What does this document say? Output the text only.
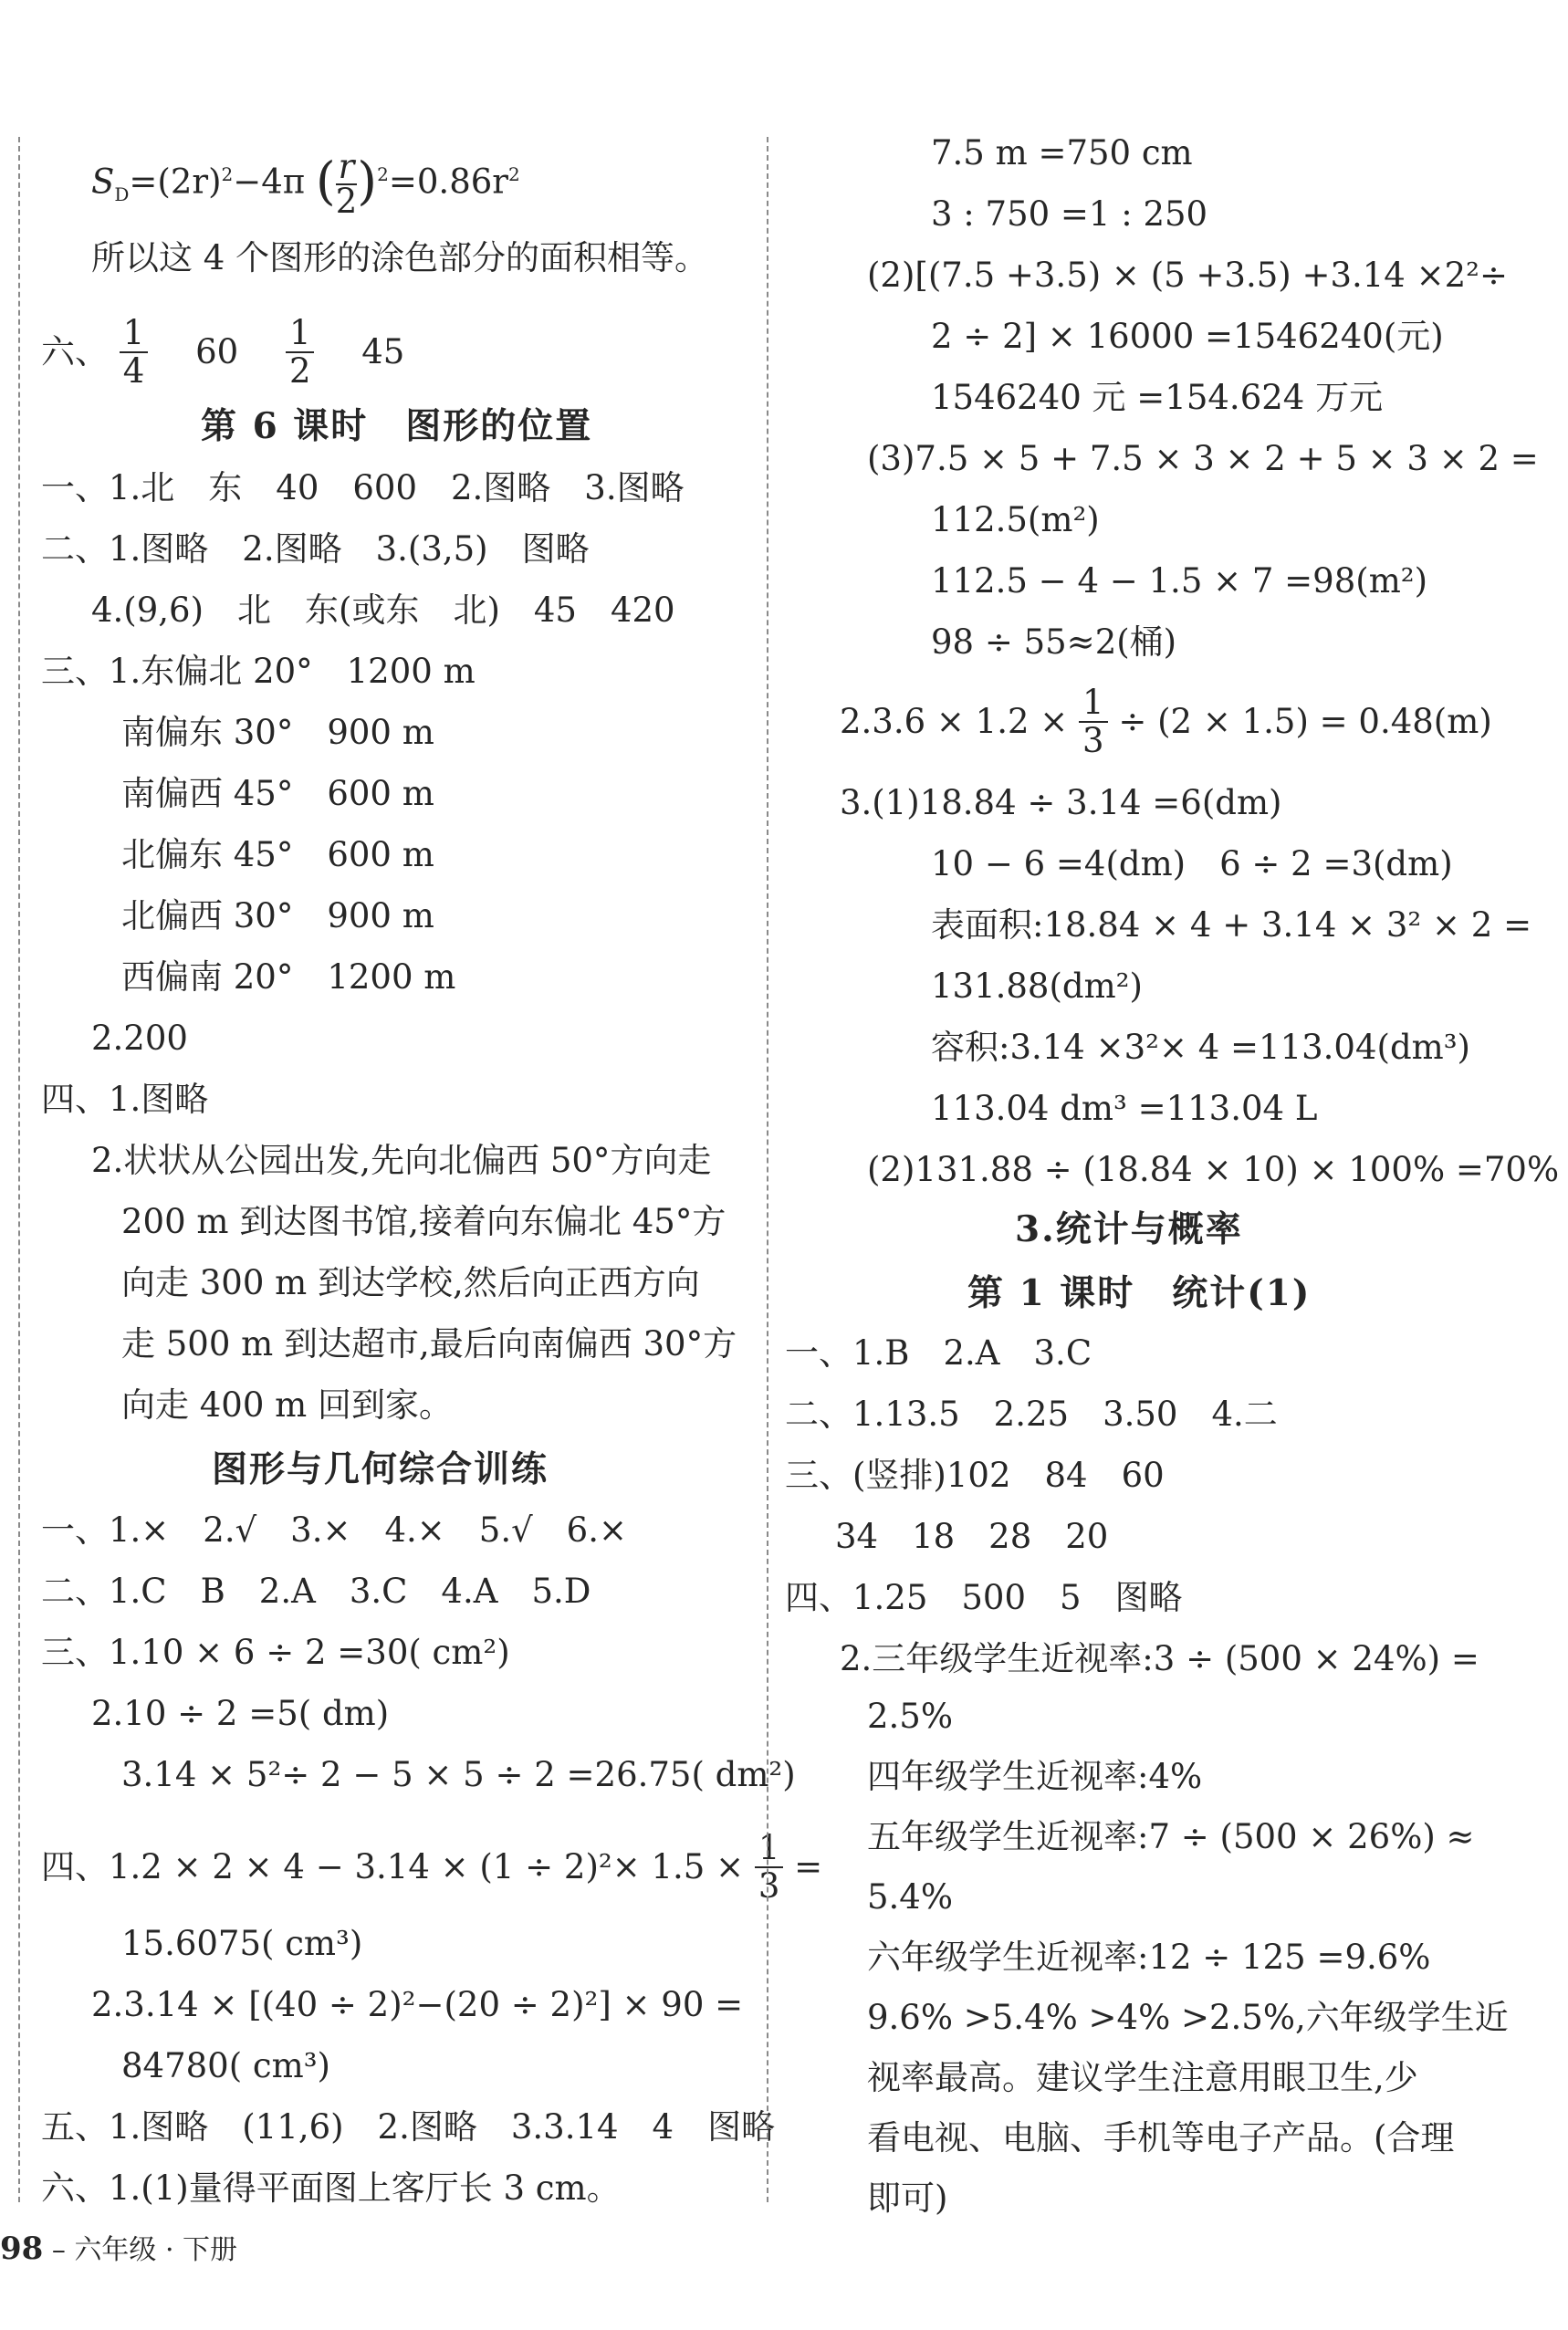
$S_D=(2r)^2-4\pi$ ( $\frac{r}{2} )^2=0.86r^2$
所以这 4 个图形的涂色部分的面积相等。
六、 $\frac{1}{4} 60 \frac{1}{2} 45$
第 6 课时　图形的位置
一、1.北　东　40　600　2.图略　3.图略
二、1.图略　2.图略　3.(3,5)　图略
4.(9,6)　北　东(或东　北)　45　420
三、1.东偏北 20°　1200 m
南偏东 30°　900 m
南偏西 45°　600 m
北偏东 45°　600 m
北偏西 30°　900 m
西偏南 20°　1200 m
2.200
四、1.图略
2.状状从公园出发,先向北偏西 50°方向走
200 m 到达图书馆,接着向东偏北 45°方
向走 300 m 到达学校,然后向正西方向
走 500 m 到达超市,最后向南偏西 30°方
向走 400 m 回到家。
图形与几何综合训练
一、1.×　2.√　3.×　4.×　5.√　6.×
二、1.C　B　2.A　3.C　4.A　5.D
三、1.10 × 6 ÷ 2 =30( cm²)
2.10 ÷ 2 =5( dm)
3.14 × 5²÷ 2 − 5 × 5 ÷ 2 =26.75( dm²)
四、$1.2 \times 2 \times 4 - 3.14 \times (1 \div 2)^2\times 1.5 \times \frac{1}{3}$ =
15.6075( cm³)
2.3.14 × [(40 ÷ 2)²−(20 ÷ 2)²] × 90 =
84780( cm³)
五、1.图略　(11,6)　2.图略　3.3.14　4　图略
六、1.(1)量得平面图上客厅长 3 cm。
7.5 m =750 cm
3 : 750 =1 : 250
(2)[(7.5 +3.5) × (5 +3.5) +3.14 ×2²÷
2 ÷ 2] × 16000 =1546240(元)
1546240 元 =154.624 万元
(3)7.5 × 5 + 7.5 × 3 × 2 + 5 × 3 × 2 =
112.5(m²)
112.5 − 4 − 1.5 × 7 =98(m²)
98 ÷ 55≈2(桶)
$2.3.6 \times 1.2 \times \frac{1}{3} \div (2 \times 1.5) = 0.48(m)$
3.(1)18.84 ÷ 3.14 =6(dm)
10 − 6 =4(dm)　6 ÷ 2 =3(dm)
表面积:18.84 × 4 + 3.14 × 3² × 2 =
131.88(dm²)
容积:3.14 ×3²× 4 =113.04(dm³)
113.04 dm³ =113.04 L
(2)131.88 ÷ (18.84 × 10) × 100% =70%
3.统计与概率
第 1 课时　统计(1)
一、1.B　2.A　3.C
二、1.13.5　2.25　3.50　4.二
三、(竖排)102　84　60
34　18　28　20
四、1.25　500　5　图略
2.三年级学生近视率:3 ÷ (500 × 24%) =
2.5%
四年级学生近视率:4%
五年级学生近视率:7 ÷ (500 × 26%) ≈
5.4%
六年级学生近视率:12 ÷ 125 =9.6%
9.6% >5.4% >4% >2.5%,六年级学生近
视率最高。建议学生注意用眼卫生,少
看电视、电脑、手机等电子产品。(合理
即可)
98 – 六年级 · 下册
